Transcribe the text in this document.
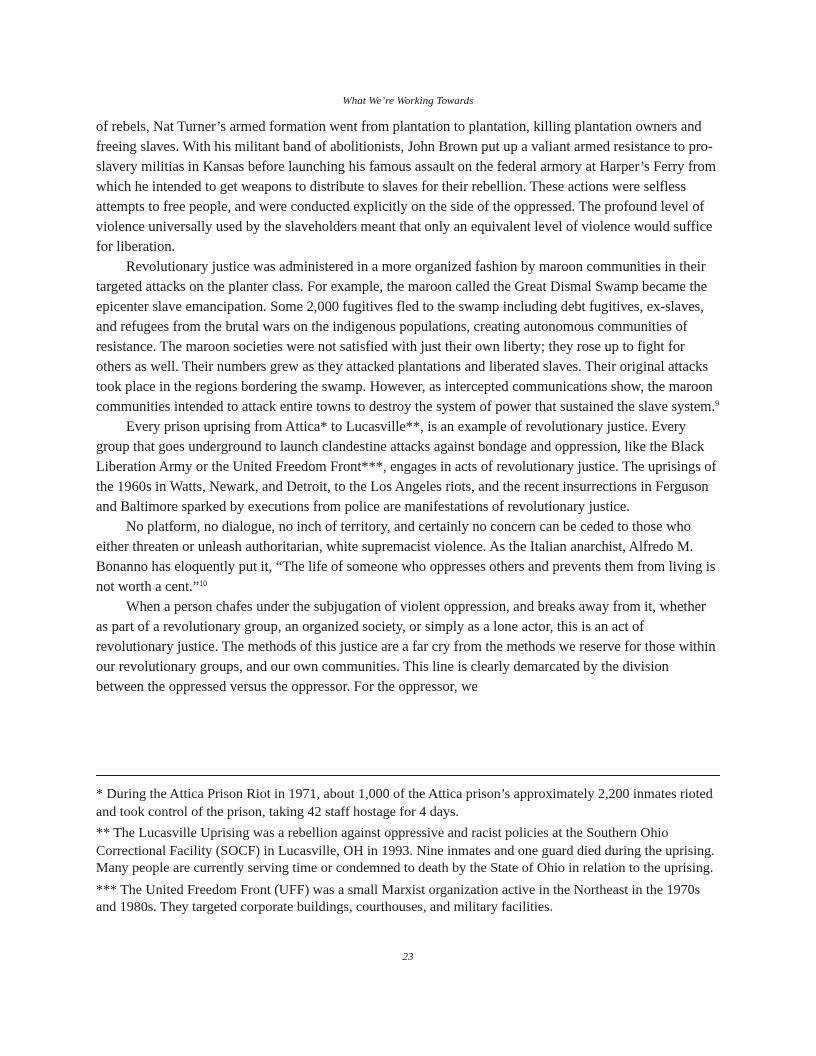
What We’re Working Towards

of rebels, Nat Turner’s armed formation went from plantation to plantation, killing plantation owners and freeing slaves. With his militant band of abolitionists, John Brown put up a valiant armed resistance to pro-slavery militias in Kansas before launching his famous assault on the federal armory at Harper’s Ferry from which he intended to get weapons to distribute to slaves for their rebellion. These actions were selfless attempts to free people, and were conducted explicitly on the side of the oppressed. The profound level of violence universally used by the slaveholders meant that only an equivalent level of violence would suffice for liberation.

Revolutionary justice was administered in a more organized fashion by maroon communities in their targeted attacks on the planter class. For example, the maroon called the Great Dismal Swamp became the epicenter slave emancipation. Some 2,000 fugitives fled to the swamp including debt fugitives, ex-slaves, and refugees from the brutal wars on the indigenous populations, creating autonomous communities of resistance. The maroon societies were not satisfied with just their own liberty; they rose up to fight for others as well. Their numbers grew as they attacked plantations and liberated slaves. Their original attacks took place in the regions bordering the swamp. However, as intercepted communications show, the maroon communities intended to attack entire towns to destroy the system of power that sustained the slave system.$^9$

Every prison uprising from Attica* to Lucasville**, is an example of revolutionary justice. Every group that goes underground to launch clandestine attacks against bondage and oppression, like the Black Liberation Army or the United Freedom Front***, engages in acts of revolutionary justice. The uprisings of the 1960s in Watts, Newark, and Detroit, to the Los Angeles riots, and the recent insurrections in Ferguson and Baltimore sparked by executions from police are manifestations of revolutionary justice.

No platform, no dialogue, no inch of territory, and certainly no concern can be ceded to those who either threaten or unleash authoritarian, white supremacist violence. As the Italian anarchist, Alfredo M. Bonanno has eloquently put it, “The life of someone who oppresses others and prevents them from living is not worth a cent.”$^{10}$

When a person chafes under the subjugation of violent oppression, and breaks away from it, whether as part of a revolutionary group, an organized society, or simply as a lone actor, this is an act of revolutionary justice. The methods of this justice are a far cry from the methods we reserve for those within our revolutionary groups, and our own communities. This line is clearly demarcated by the division between the oppressed versus the oppressor. For the oppressor, we

* During the Attica Prison Riot in 1971, about 1,000 of the Attica prison’s approximately 2,200 inmates rioted and took control of the prison, taking 42 staff hostage for 4 days.

** The Lucasville Uprising was a rebellion against oppressive and racist policies at the Southern Ohio Correctional Facility (SOCF) in Lucasville, OH in 1993. Nine inmates and one guard died during the uprising. Many people are currently serving time or condemned to death by the State of Ohio in relation to the uprising.

*** The United Freedom Front (UFF) was a small Marxist organization active in the Northeast in the 1970s and 1980s. They targeted corporate buildings, courthouses, and military facilities.

23
